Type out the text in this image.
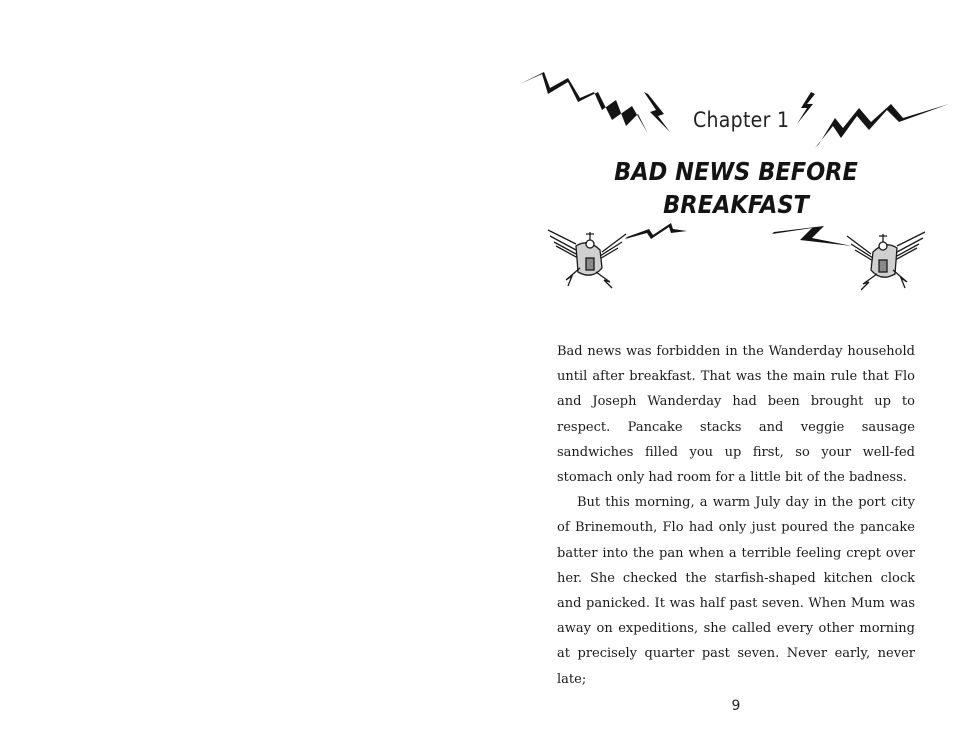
Chapter 1
BAD NEWS BEFORE BREAKFAST

Bad news was forbidden in the Wanderday household until after breakfast. That was the main rule that Flo and Joseph Wanderday had been brought up to respect. Pancake stacks and veggie sausage sandwiches filled you up first, so your well-fed stomach only had room for a little bit of the badness.

But this morning, a warm July day in the port city of Brinemouth, Flo had only just poured the pancake batter into the pan when a terrible feeling crept over her. She checked the starfish-shaped kitchen clock and panicked. It was half past seven. When Mum was away on expeditions, she called every other morning at precisely quarter past seven. Never early, never late;

9
